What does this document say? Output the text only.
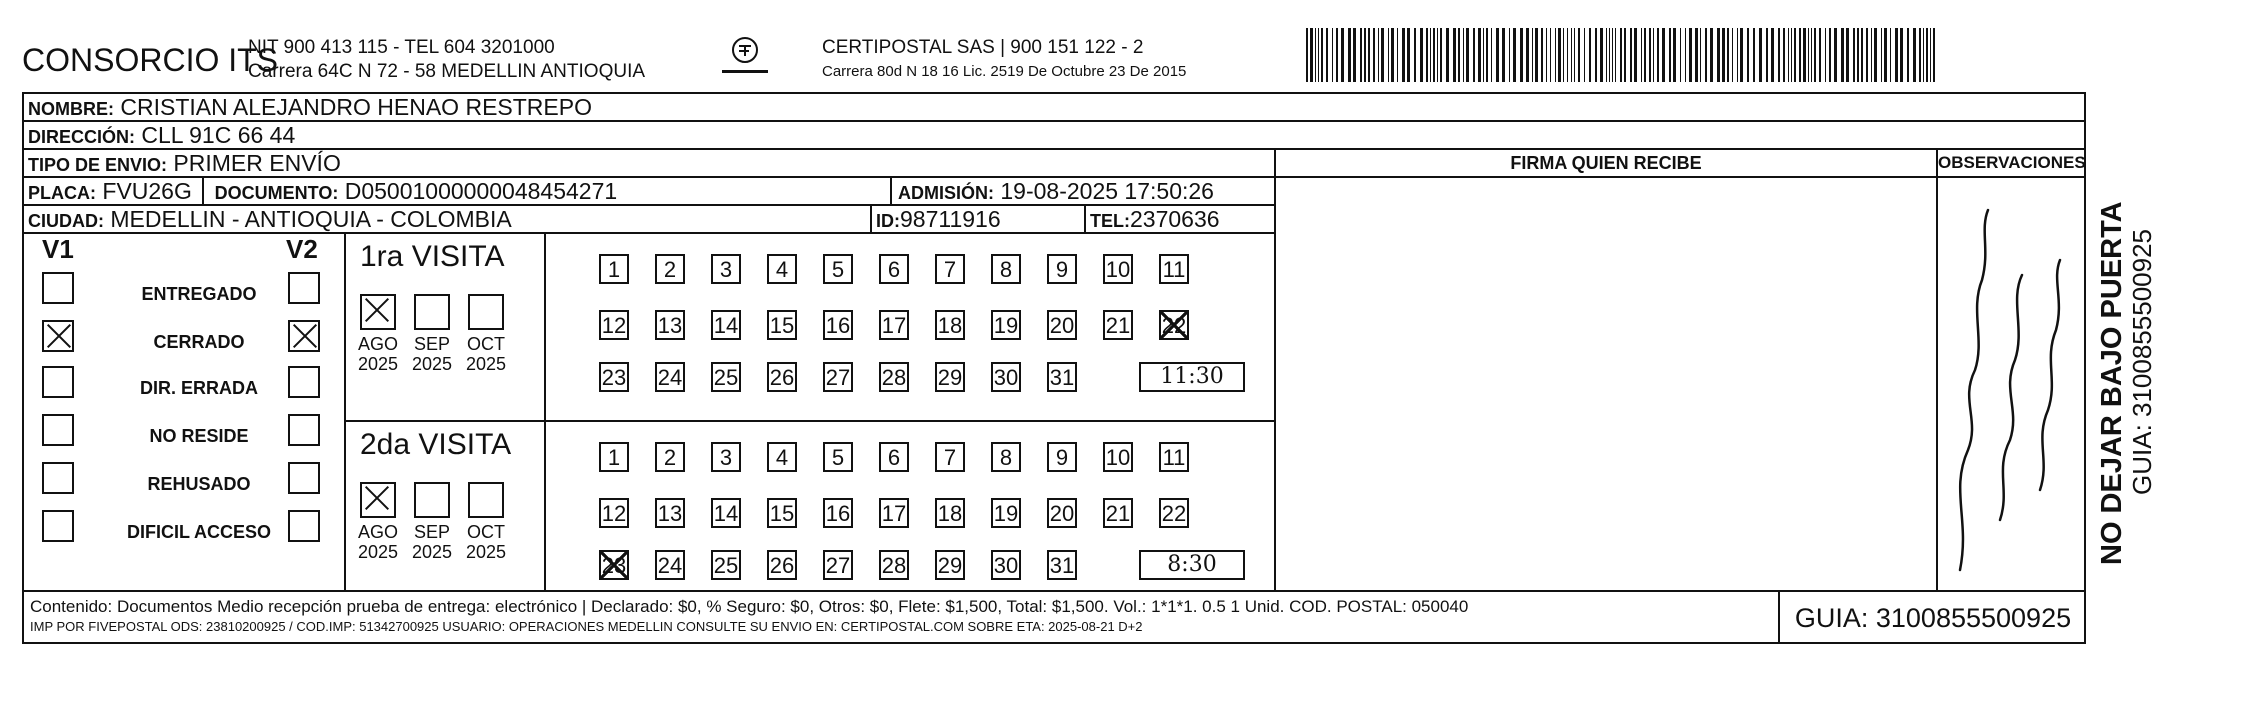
CONSORCIO ITS
NIT 900 413 115 - TEL 604 3201000
Carrera 64C N 72 - 58 MEDELLIN ANTIOQUIA
CERTIPOSTAL SAS | 900 151 122 - 2
Carrera 80d N 18 16 Lic. 2519 De Octubre 23 De 2015
NOMBRE: CRISTIAN ALEJANDRO HENAO RESTREPO
DIRECCIÓN: CLL 91C 66 44
TIPO DE ENVIO: PRIMER ENVÍO
PLACA: FVU26G DOCUMENTO: D05001000000048454271	ADMISIÓN: 19-08-2025 17:50:26
CIUDAD: MEDELLIN - ANTIOQUIA - COLOMBIA	ID:98711916	TEL:2370636
FIRMA QUIEN RECIBE	OBSERVACIONES
V1	V2
ENTREGADO
CERRADO
DIR. ERRADA
NO RESIDE
REHUSADO
DIFICIL ACCESO
1ra VISITA
AGO
2025
SEP
2025
OCT
2025
1	2	3	4	5	6	7	8	9	10 11
12 13 14 15 16 17 18 19 20 21 22
23 24 25 26 27 28 29 30 31	11:30
2da VISITA
AGO
2025
SEP
2025
OCT
2025
1	2	3	4	5	6	7	8	9	10 11
12 13 14 15 16 17 18 19 20 21 22
23 24 25 26 27 28 29 30 31	8:30
Contenido: Documentos Medio recepción prueba de entrega: electrónico | Declarado: $0, % Seguro: $0, Otros: $0, Flete: $1,500, Total: $1,500. Vol.: 1*1*1. 0.5 1 Unid. COD. POSTAL: 050040
IMP POR FIVEPOSTAL ODS: 23810200925 / COD.IMP: 51342700925 USUARIO: OPERACIONES MEDELLIN CONSULTE SU ENVIO EN: CERTIPOSTAL.COM SOBRE ETA: 2025-08-21 D+2	GUIA: 3100855500925
NO DEJAR BAJO PUERTA GUIA: 3100855500925
